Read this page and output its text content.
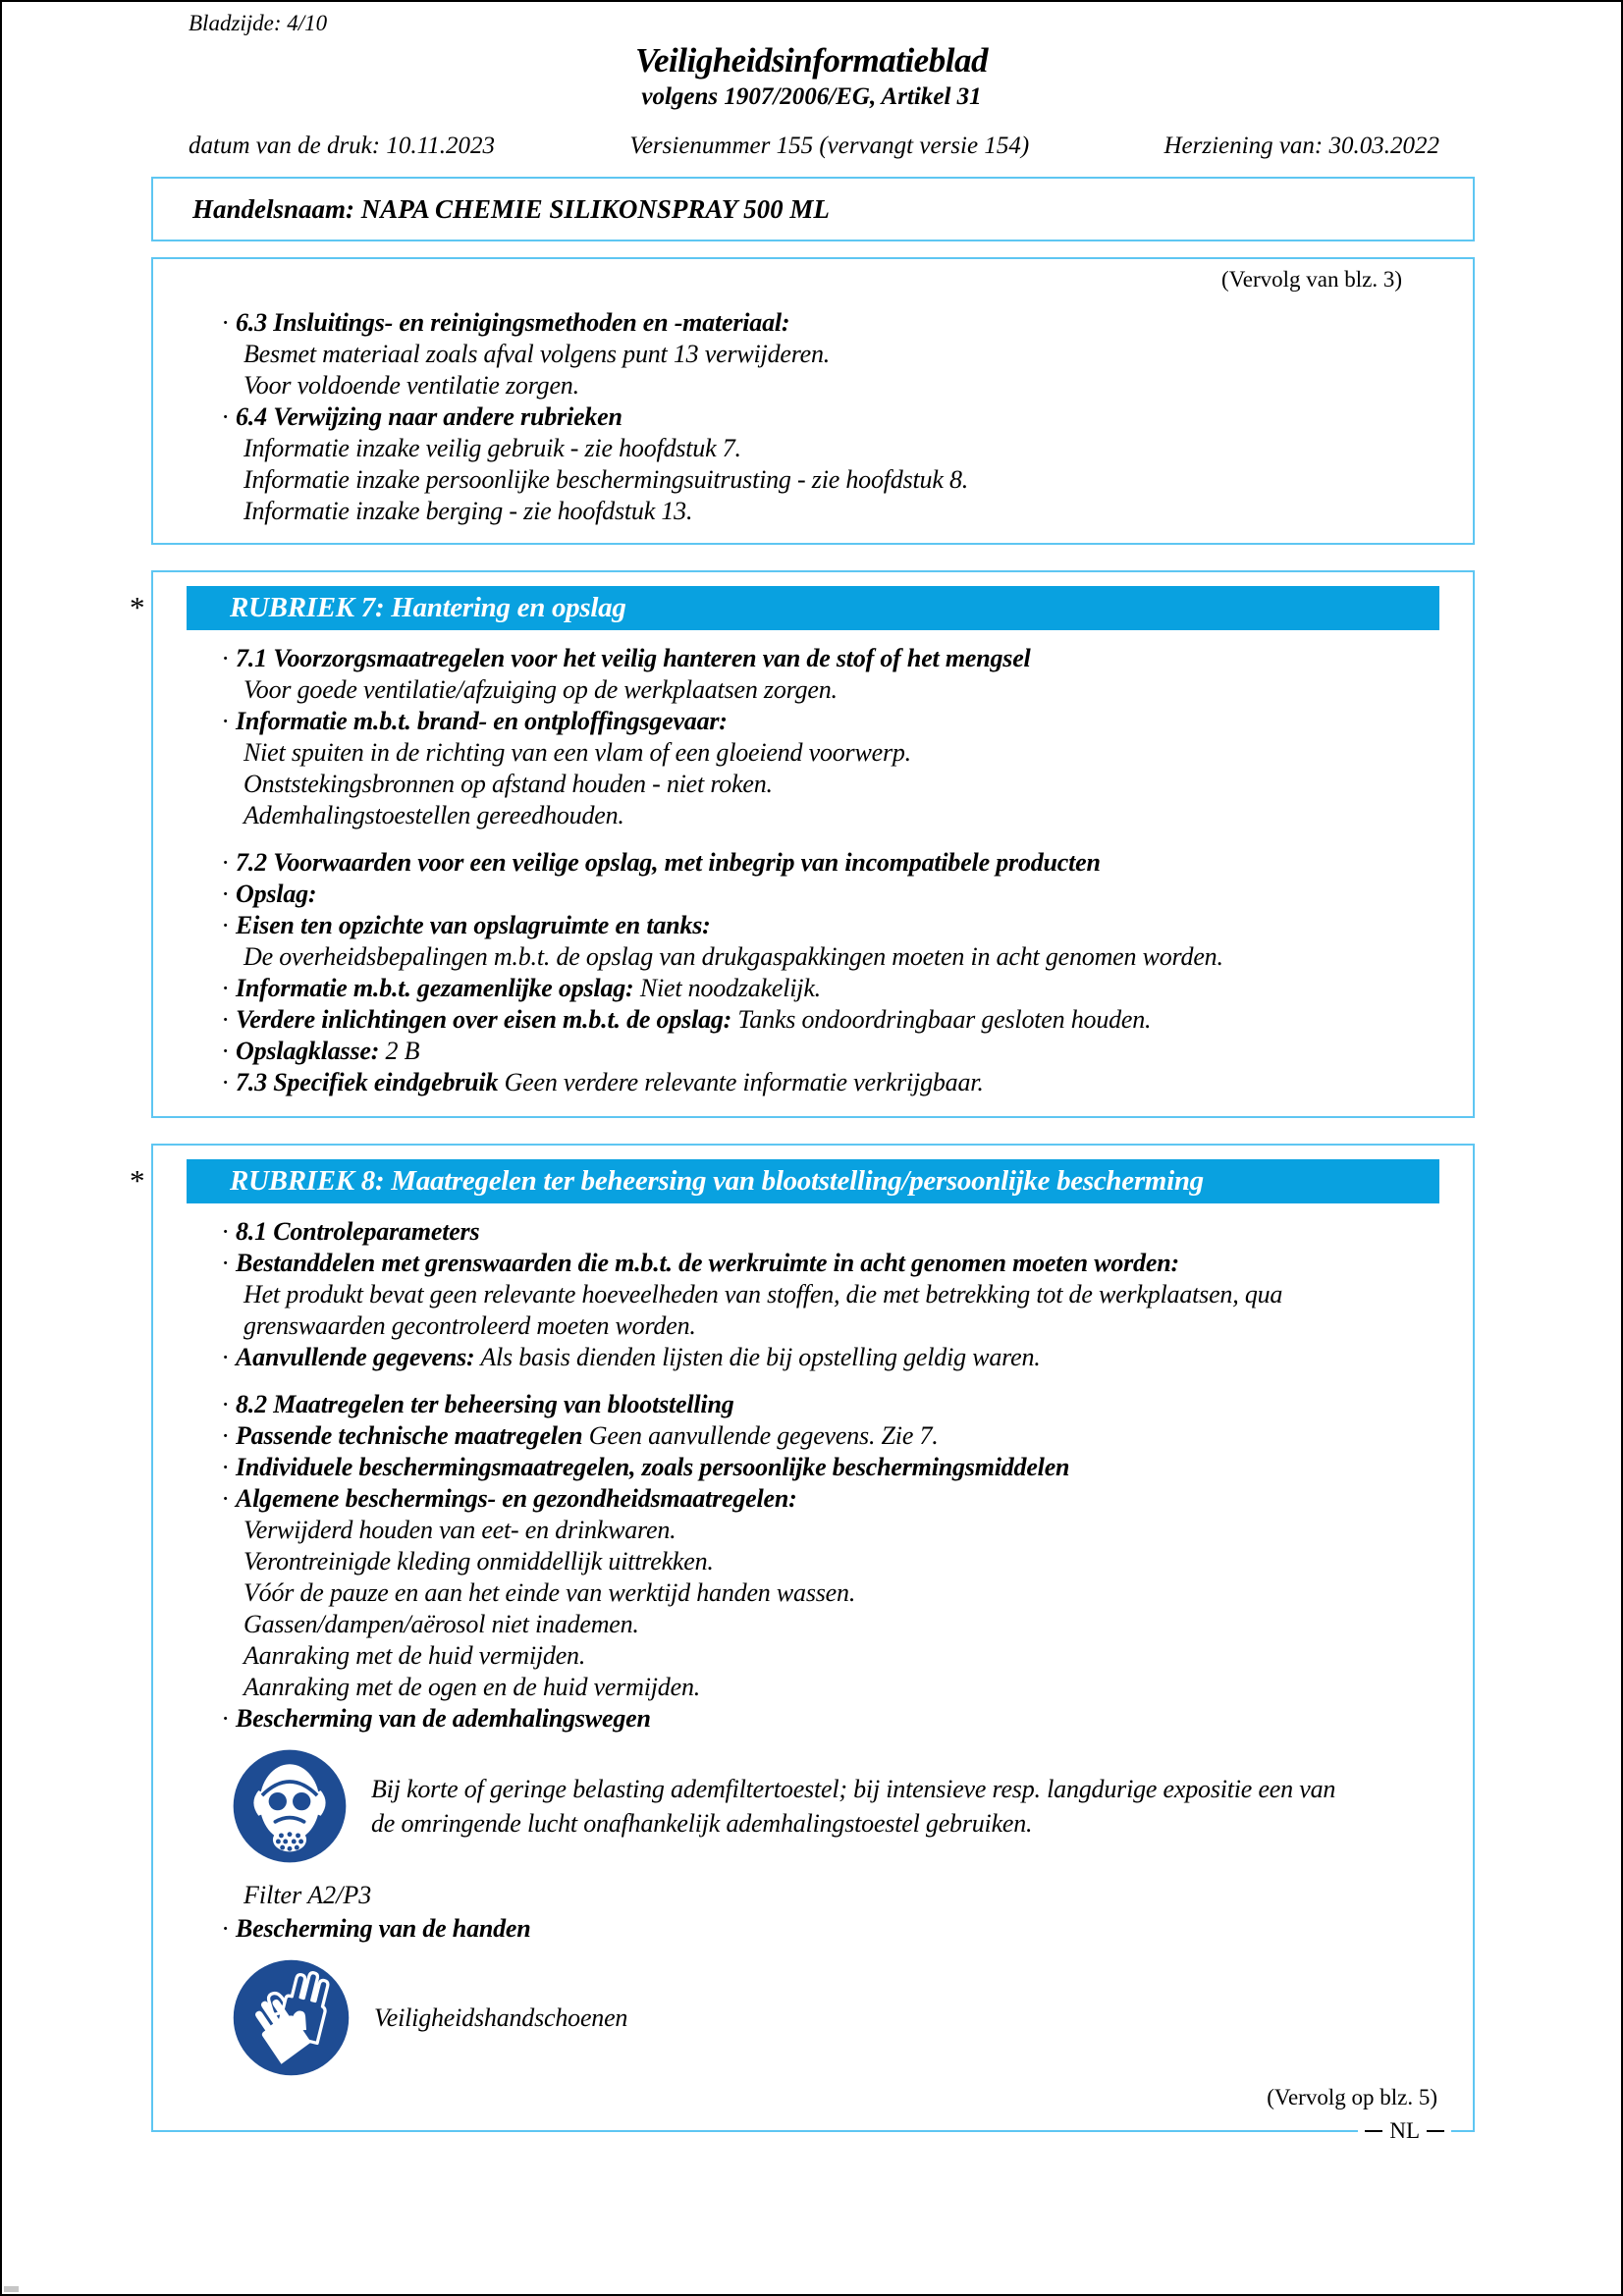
Bladzijde: 4/10
Veiligheidsinformatieblad
volgens 1907/2006/EG, Artikel 31
datum van de druk: 10.11.2023	Versienummer 155 (vervangt versie 154)	Herziening van: 30.03.2022
Handelsnaam: NAPA CHEMIE SILIKONSPRAY 500 ML
(Vervolg van blz. 3)
· 6.3 Insluitings- en reinigingsmethoden en -materiaal:
Besmet materiaal zoals afval volgens punt 13 verwijderen.
Voor voldoende ventilatie zorgen.
· 6.4 Verwijzing naar andere rubrieken
Informatie inzake veilig gebruik - zie hoofdstuk 7.
Informatie inzake persoonlijke beschermingsuitrusting - zie hoofdstuk 8.
Informatie inzake berging - zie hoofdstuk 13.
*	RUBRIEK 7: Hantering en opslag
· 7.1 Voorzorgsmaatregelen voor het veilig hanteren van de stof of het mengsel
Voor goede ventilatie/afzuiging op de werkplaatsen zorgen.
· Informatie m.b.t. brand- en ontploffingsgevaar:
Niet spuiten in de richting van een vlam of een gloeiend voorwerp.
Onststekingsbronnen op afstand houden - niet roken.
Ademhalingstoestellen gereedhouden.
· 7.2 Voorwaarden voor een veilige opslag, met inbegrip van incompatibele producten
· Opslag:
· Eisen ten opzichte van opslagruimte en tanks:
De overheidsbepalingen m.b.t. de opslag van drukgaspakkingen moeten in acht genomen worden.
· Informatie m.b.t. gezamenlijke opslag: Niet noodzakelijk.
· Verdere inlichtingen over eisen m.b.t. de opslag: Tanks ondoordringbaar gesloten houden.
· Opslagklasse: 2 B
· 7.3 Specifiek eindgebruik Geen verdere relevante informatie verkrijgbaar.
*	RUBRIEK 8: Maatregelen ter beheersing van blootstelling/persoonlijke bescherming
· 8.1 Controleparameters
· Bestanddelen met grenswaarden die m.b.t. de werkruimte in acht genomen moeten worden:
Het produkt bevat geen relevante hoeveelheden van stoffen, die met betrekking tot de werkplaatsen, qua
grenswaarden gecontroleerd moeten worden.
· Aanvullende gegevens: Als basis dienden lijsten die bij opstelling geldig waren.
· 8.2 Maatregelen ter beheersing van blootstelling
· Passende technische maatregelen Geen aanvullende gegevens. Zie 7.
· Individuele beschermingsmaatregelen, zoals persoonlijke beschermingsmiddelen
· Algemene beschermings- en gezondheidsmaatregelen:
Verwijderd houden van eet- en drinkwaren.
Verontreinigde kleding onmiddellijk uittrekken.
Vóór de pauze en aan het einde van werktijd handen wassen.
Gassen/dampen/aërosol niet inademen.
Aanraking met de huid vermijden.
Aanraking met de ogen en de huid vermijden.
· Bescherming van de ademhalingswegen
Bij korte of geringe belasting ademfiltertoestel; bij intensieve resp. langdurige expositie een van
de omringende lucht onafhankelijk ademhalingstoestel gebruiken.
Filter A2/P3
· Bescherming van de handen
Veiligheidshandschoenen
(Vervolg op blz. 5)
NL
